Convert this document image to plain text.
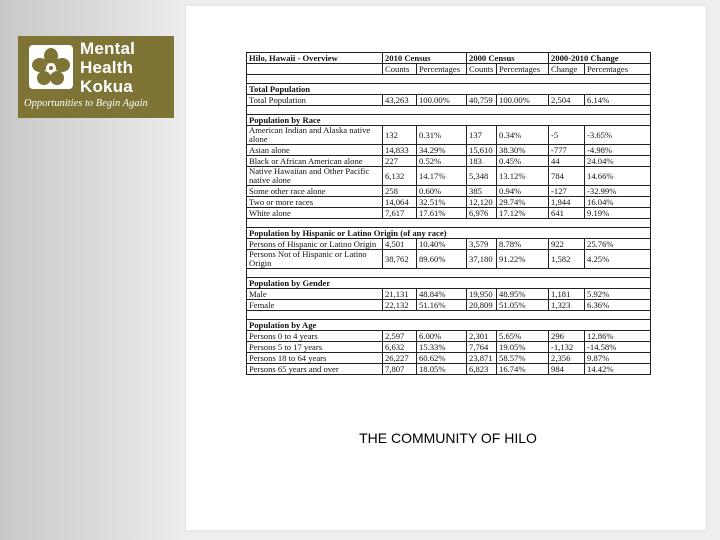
Mental
Health
Kokua
Opportunities to Begin Again
Hilo, Hawaii - Overview	2010 Census		2000 Census		2000-2010 Change	
	Counts	Percentages	Counts	Percentages	Change	Percentages

Total Population						
Total Population	43,263	100.00%	40,759	100.00%	2,504	6.14%

Population by Race						
American Indian and Alaska native alone	132	0.31%	137	0.34%	-5	-3.65%
Asian alone	14,833	34.29%	15,610	38.30%	-777	-4.98%
Black or African American alone	227	0.52%	183	0.45%	44	24.04%
Native Hawaiian and Other Pacific native alone	6,132	14.17%	5,348	13.12%	784	14.66%
Some other race alone	258	0.60%	385	0.94%	-127	-32.99%
Two or more races	14,064	32.51%	12,120	29.74%	1,944	16.04%
White alone	7,617	17.61%	6,976	17.12%	641	9.19%

Population by Hispanic or Latino Origin (of any race)						
Persons of Hispanic or Latino Origin	4,501	10.40%	3,579	8.78%	922	25.76%
Persons Not of Hispanic or Latino Origin	38,762	89.60%	37,180	91.22%	1,582	4.25%

Population by Gender						
Male	21,131	48.84%	19,950	48.95%	1,181	5.92%
Female	22,132	51.16%	20,809	51.05%	1,323	6.36%

Population by Age						
Persons 0 to 4 years	2,597	6.00%	2,301	5.65%	296	12.86%
Persons 5 to 17 years	6,632	15.33%	7,764	19.05%	-1,132	-14.58%
Persons 18 to 64 years	26,227	60.62%	23,871	58.57%	2,356	9.87%
Persons 65 years and over	7,807	18.05%	6,823	16.74%	984	14.42%
THE COMMUNITY OF HILO
